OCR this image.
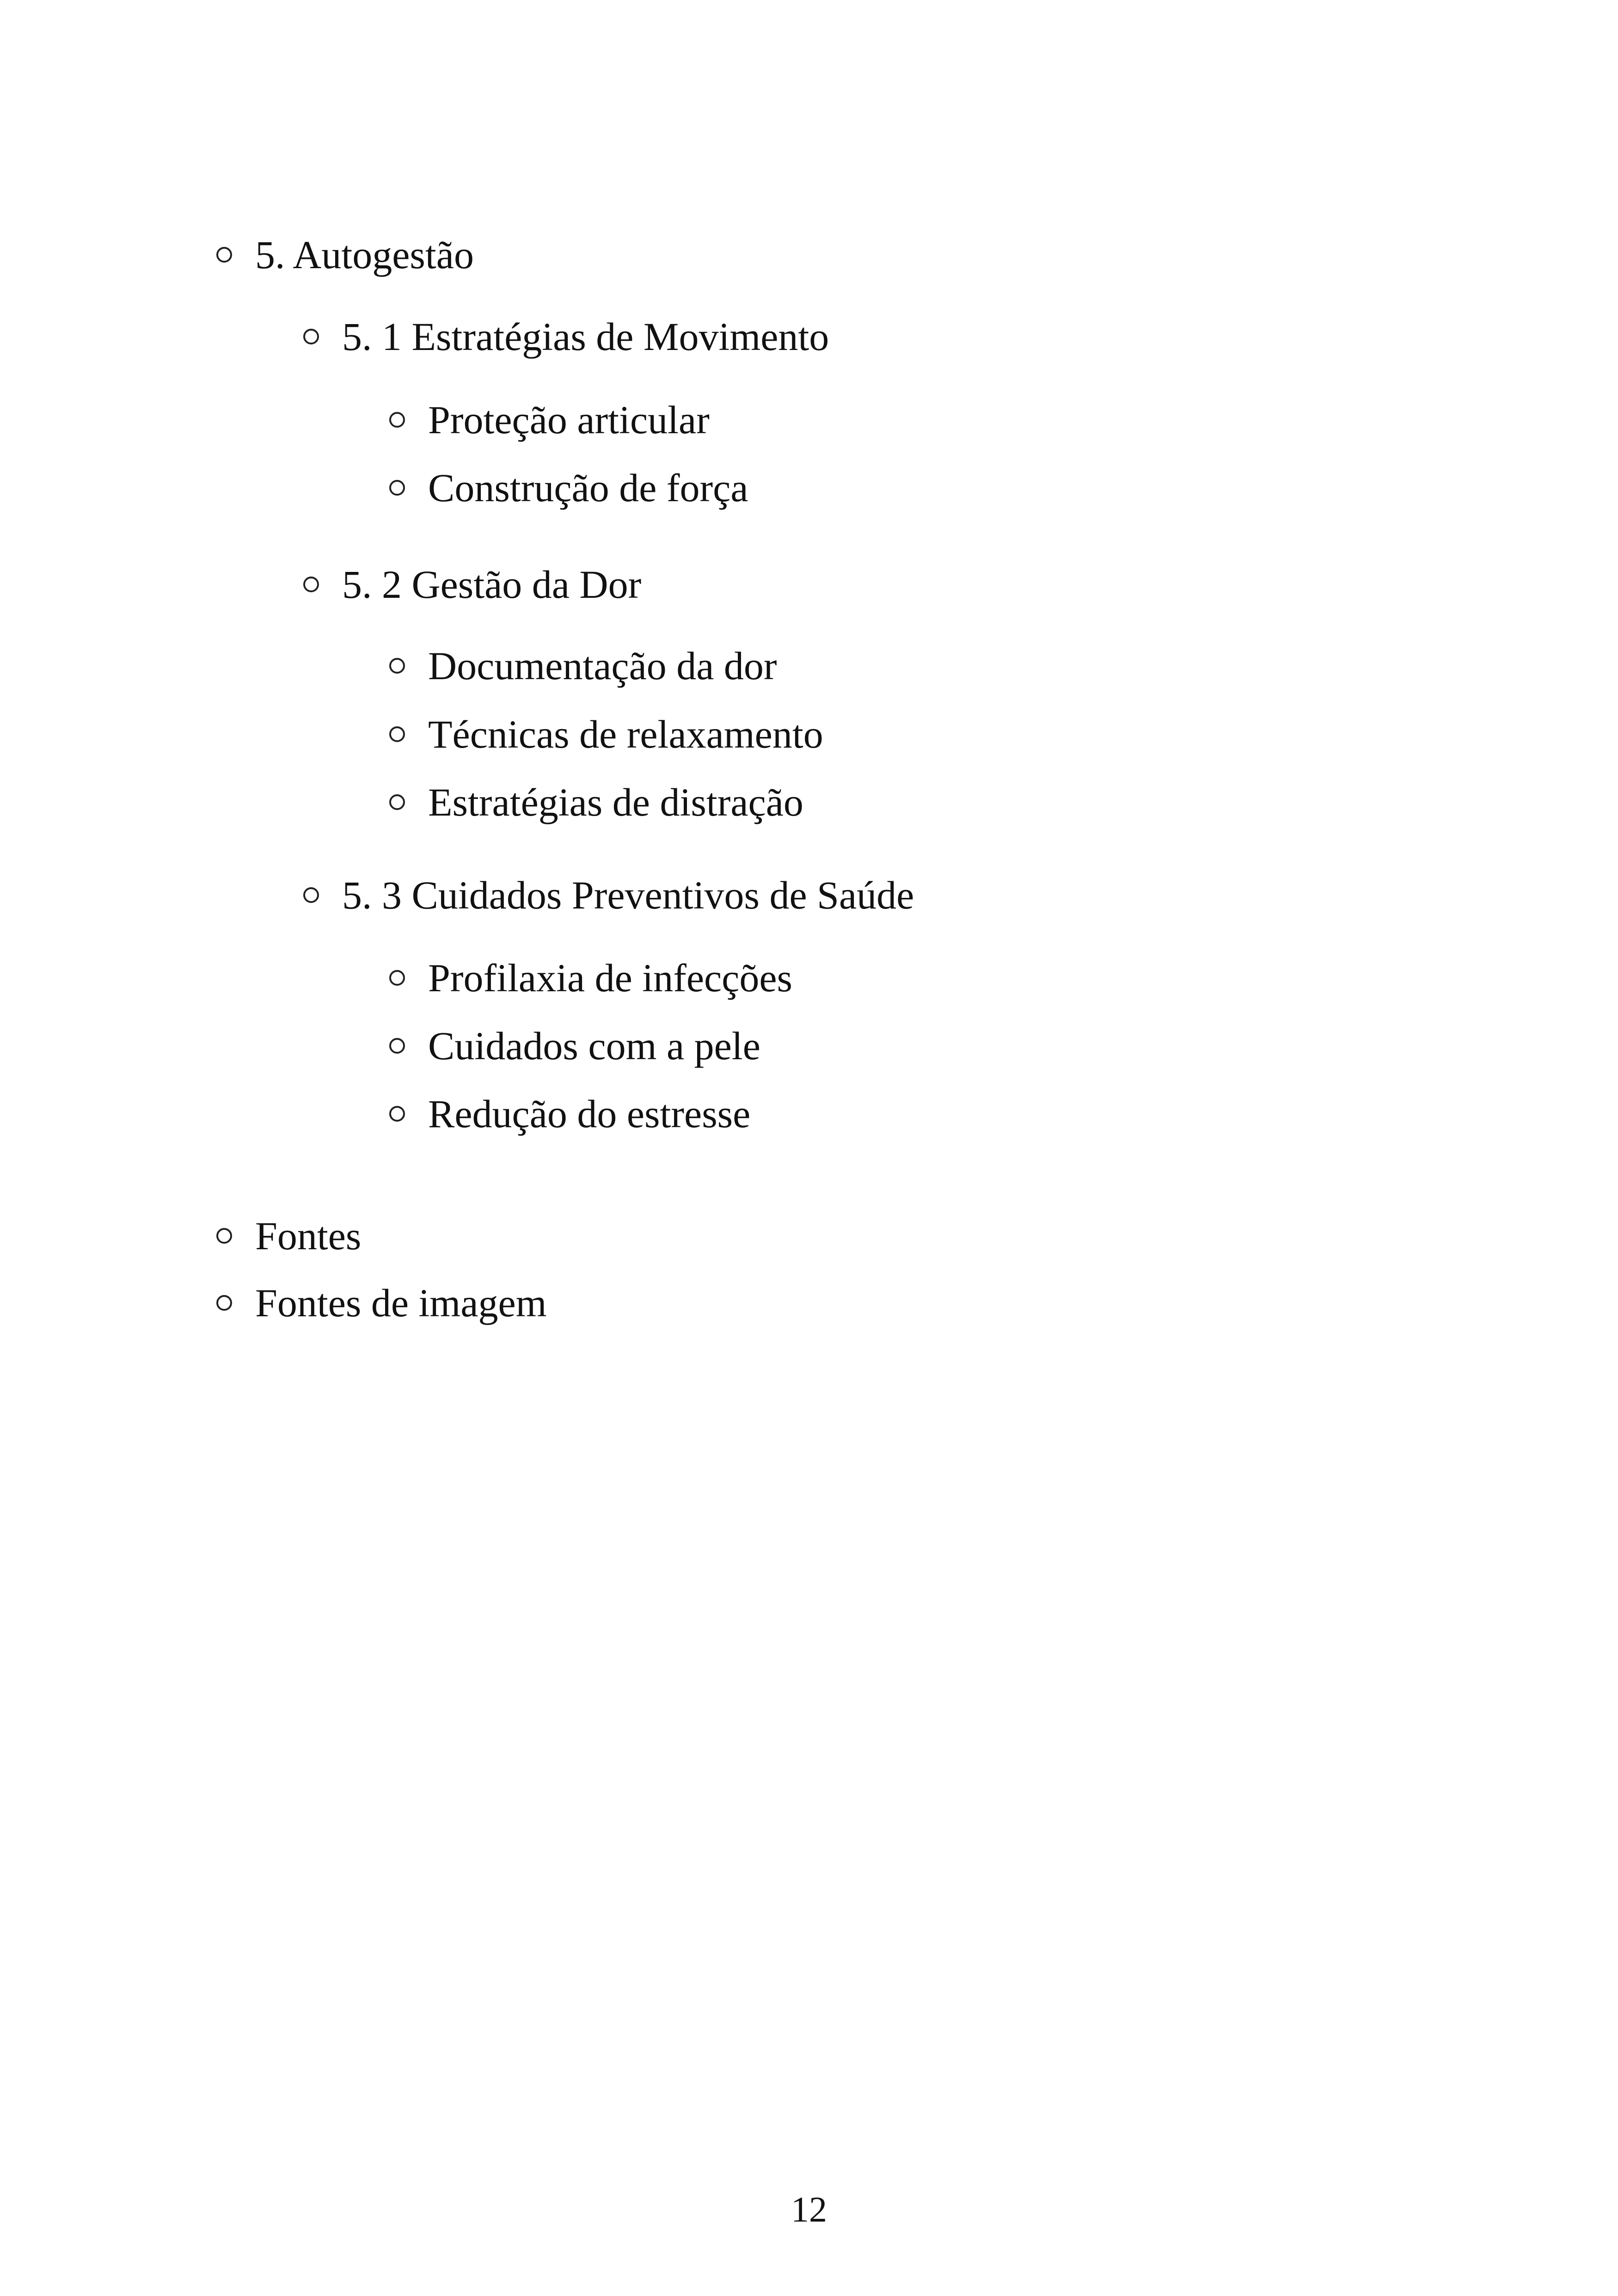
5. Autogestão
5. 1 Estratégias de Movimento
Proteção articular
Construção de força
5. 2 Gestão da Dor
Documentação da dor
Técnicas de relaxamento
Estratégias de distração
5. 3 Cuidados Preventivos de Saúde
Profilaxia de infecções
Cuidados com a pele
Redução do estresse
Fontes
Fontes de imagem
12
